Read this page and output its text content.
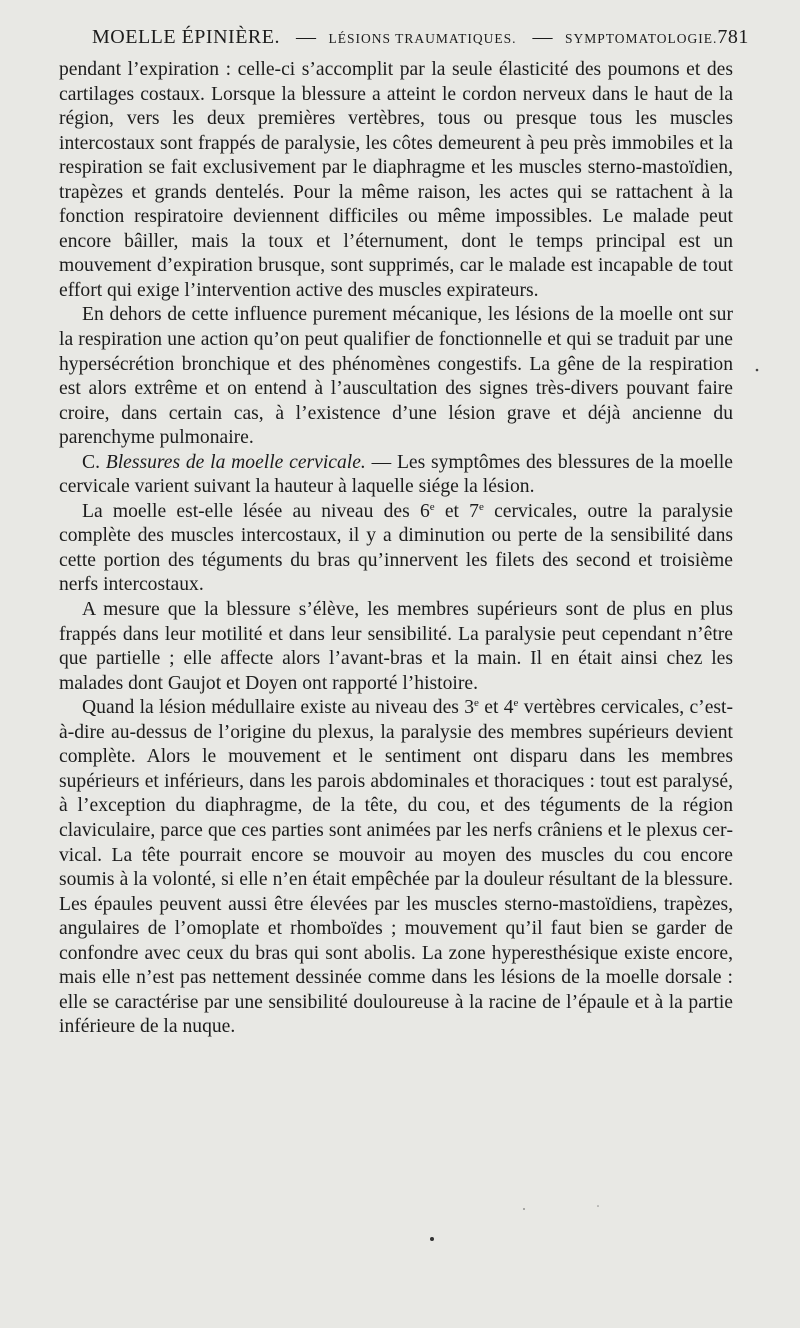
MOELLE ÉPINIÈRE. — LÉSIONS TRAUMATIQUES. — SYMPTOMATOLOGIE. 781

pendant l’expiration : celle-ci s’accomplit par la seule élasticité des poumons et des cartilages costaux. Lorsque la blessure a atteint le cordon nerveux dans le haut de la région, vers les deux premières vertèbres, tous ou presque tous les muscles intercostaux sont frappés de paralysie, les côtes demeurent à peu près immobiles et la respiration se fait exclusivement par le diaphragme et les muscles sterno-mastoïdien, trapèzes et grands dentelés. Pour la même raison, les actes qui se rattachent à la fonction respiratoire deviennent difficiles ou même impossibles. Le malade peut encore bâiller, mais la toux et l’éternument, dont le temps principal est un mouvement d’expiration brusque, sont supprimés, car le malade est incapable de tout effort qui exige l’intervention active des muscles expirateurs.

En dehors de cette influence purement mécanique, les lésions de la moelle ont sur la respiration une action qu’on peut qualifier de fonctionnelle et qui se traduit par une hypersécrétion bronchique et des phénomènes congestifs. La gêne de la respiration est alors extrême et on entend à l’auscultation des signes très-divers pouvant faire croire, dans certain cas, à l’existence d’une lésion grave et déjà ancienne du parenchyme pulmonaire.

C. Blessures de la moelle cervicale. — Les symptômes des blessures de la moelle cervicale varient suivant la hauteur à laquelle siége la lésion.

La moelle est-elle lésée au niveau des 6e et 7e cervicales, outre la paralysie complète des muscles intercostaux, il y a diminution ou perte de la sensibilité dans cette portion des téguments du bras qu’innervent les filets des second et troisième nerfs intercostaux.

A mesure que la blessure s’élève, les membres supérieurs sont de plus en plus frappés dans leur motilité et dans leur sensibilité. La paralysie peut cependant n’être que partielle ; elle affecte alors l’avant-bras et la main. Il en était ainsi chez les malades dont Gaujot et Doyen ont rapporté l’histoire.

Quand la lésion médullaire existe au niveau des 3e et 4e vertèbres cervicales, c’est-à-dire au-dessus de l’origine du plexus, la paralysie des membres supérieurs devient complète. Alors le mouvement et le sentiment ont disparu dans les membres supérieurs et inférieurs, dans les parois abdominales et thoraciques : tout est paralysé, à l’exception du diaphragme, de la tête, du cou, et des téguments de la région claviculaire, parce que ces parties sont animées par les nerfs crâniens et le plexus cervical. La tête pourrait encore se mouvoir au moyen des muscles du cou encore soumis à la volonté, si elle n’en était empêchée par la douleur résultant de la blessure. Les épaules peuvent aussi être élevées par les muscles sterno-mastoïdiens, trapèzes, angulaires de l’omoplate et rhomboïdes ; mouvement qu’il faut bien se garder de confondre avec ceux du bras qui sont abolis. La zone hyperesthésique existe encore, mais elle n’est pas nettement dessinée comme dans les lésions de la moelle dorsale : elle se caractérise par une sensibilité douloureuse à la racine de l’épaule et à la partie inférieure de la nuque.
